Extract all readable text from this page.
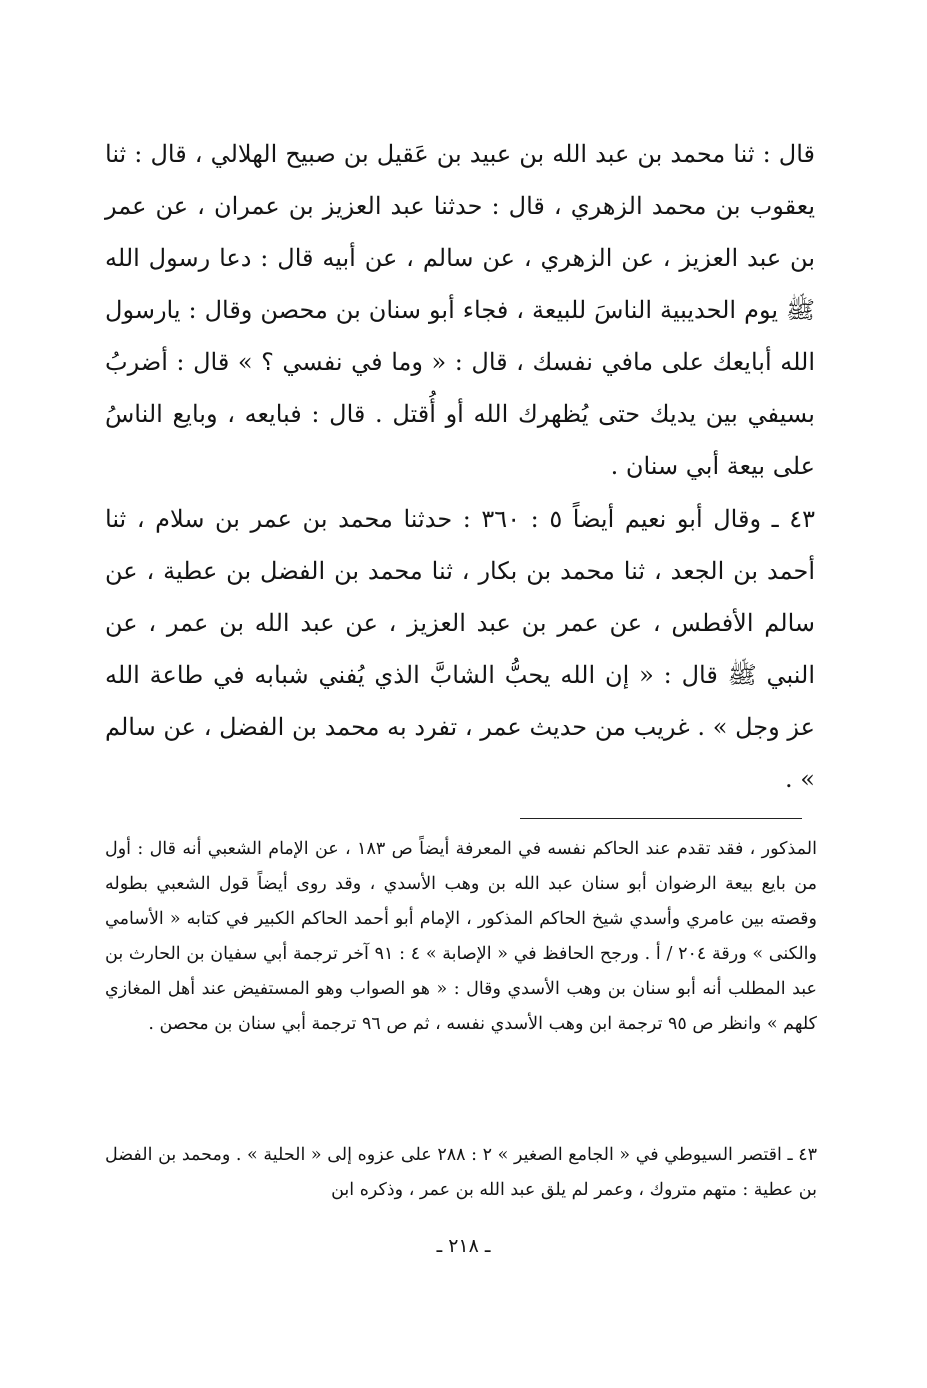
قال : ثنا محمد بن عبد الله بن عبيد بن عَقيل بن صبيح الهلالي ، قال : ثنا يعقوب بن محمد الزهري ، قال : حدثنا عبد العزيز بن عمران ، عن عمر بن عبد العزيز ، عن الزهري ، عن سالم ، عن أبيه قال : دعا رسول الله ﷺ يوم الحديبية الناسَ للبيعة ، فجاء أبو سنان بن محصن وقال : يارسول الله أبايعك على مافي نفسك ، قال : « وما في نفسي ؟ » قال : أضربُ بسيفي بين يديك حتى يُظهرك الله أو أُقتل . قال : فبايعه ، وبايع الناسُ على بيعة أبي سنان .

٤٣ ـ وقال أبو نعيم أيضاً ٥ : ٣٦٠ : حدثنا محمد بن عمر بن سلام ، ثنا أحمد بن الجعد ، ثنا محمد بن بكار ، ثنا محمد بن الفضل بن عطية ، عن سالم الأفطس ، عن عمر بن عبد العزيز ، عن عبد الله بن عمر ، عن النبي ﷺ قال : « إن الله يحبُّ الشابَّ الذي يُفني شبابه في طاعة الله عز وجل » . غريب من حديث عمر ، تفرد به محمد بن الفضل ، عن سالم » .

المذكور ، فقد تقدم عند الحاكم نفسه في المعرفة أيضاً ص ١٨٣ ، عن الإمام الشعبي أنه قال : أول من بايع بيعة الرضوان أبو سنان عبد الله بن وهب الأسدي ، وقد روى أيضاً قول الشعبي بطوله وقصته بين عامري وأسدي شيخ الحاكم المذكور ، الإمام أبو أحمد الحاكم الكبير في كتابه « الأسامي والكنى » ورقة ٢٠٤ / أ . ورجح الحافظ في « الإصابة » ٤ : ٩١ آخر ترجمة أبي سفيان بن الحارث بن عبد المطلب أنه أبو سنان بن وهب الأسدي وقال : « هو الصواب وهو المستفيض عند أهل المغازي كلهم » وانظر ص ٩٥ ترجمة ابن وهب الأسدي نفسه ، ثم ص ٩٦ ترجمة أبي سنان بن محصن .

٤٣ ـ اقتصر السيوطي في « الجامع الصغير » ٢ : ٢٨٨ على عزوه إلى « الحلية » . ومحمد بن الفضل بن عطية : متهم متروك ، وعمر لم يلق عبد الله بن عمر ، وذكره ابن

ـ ٢١٨ ـ
